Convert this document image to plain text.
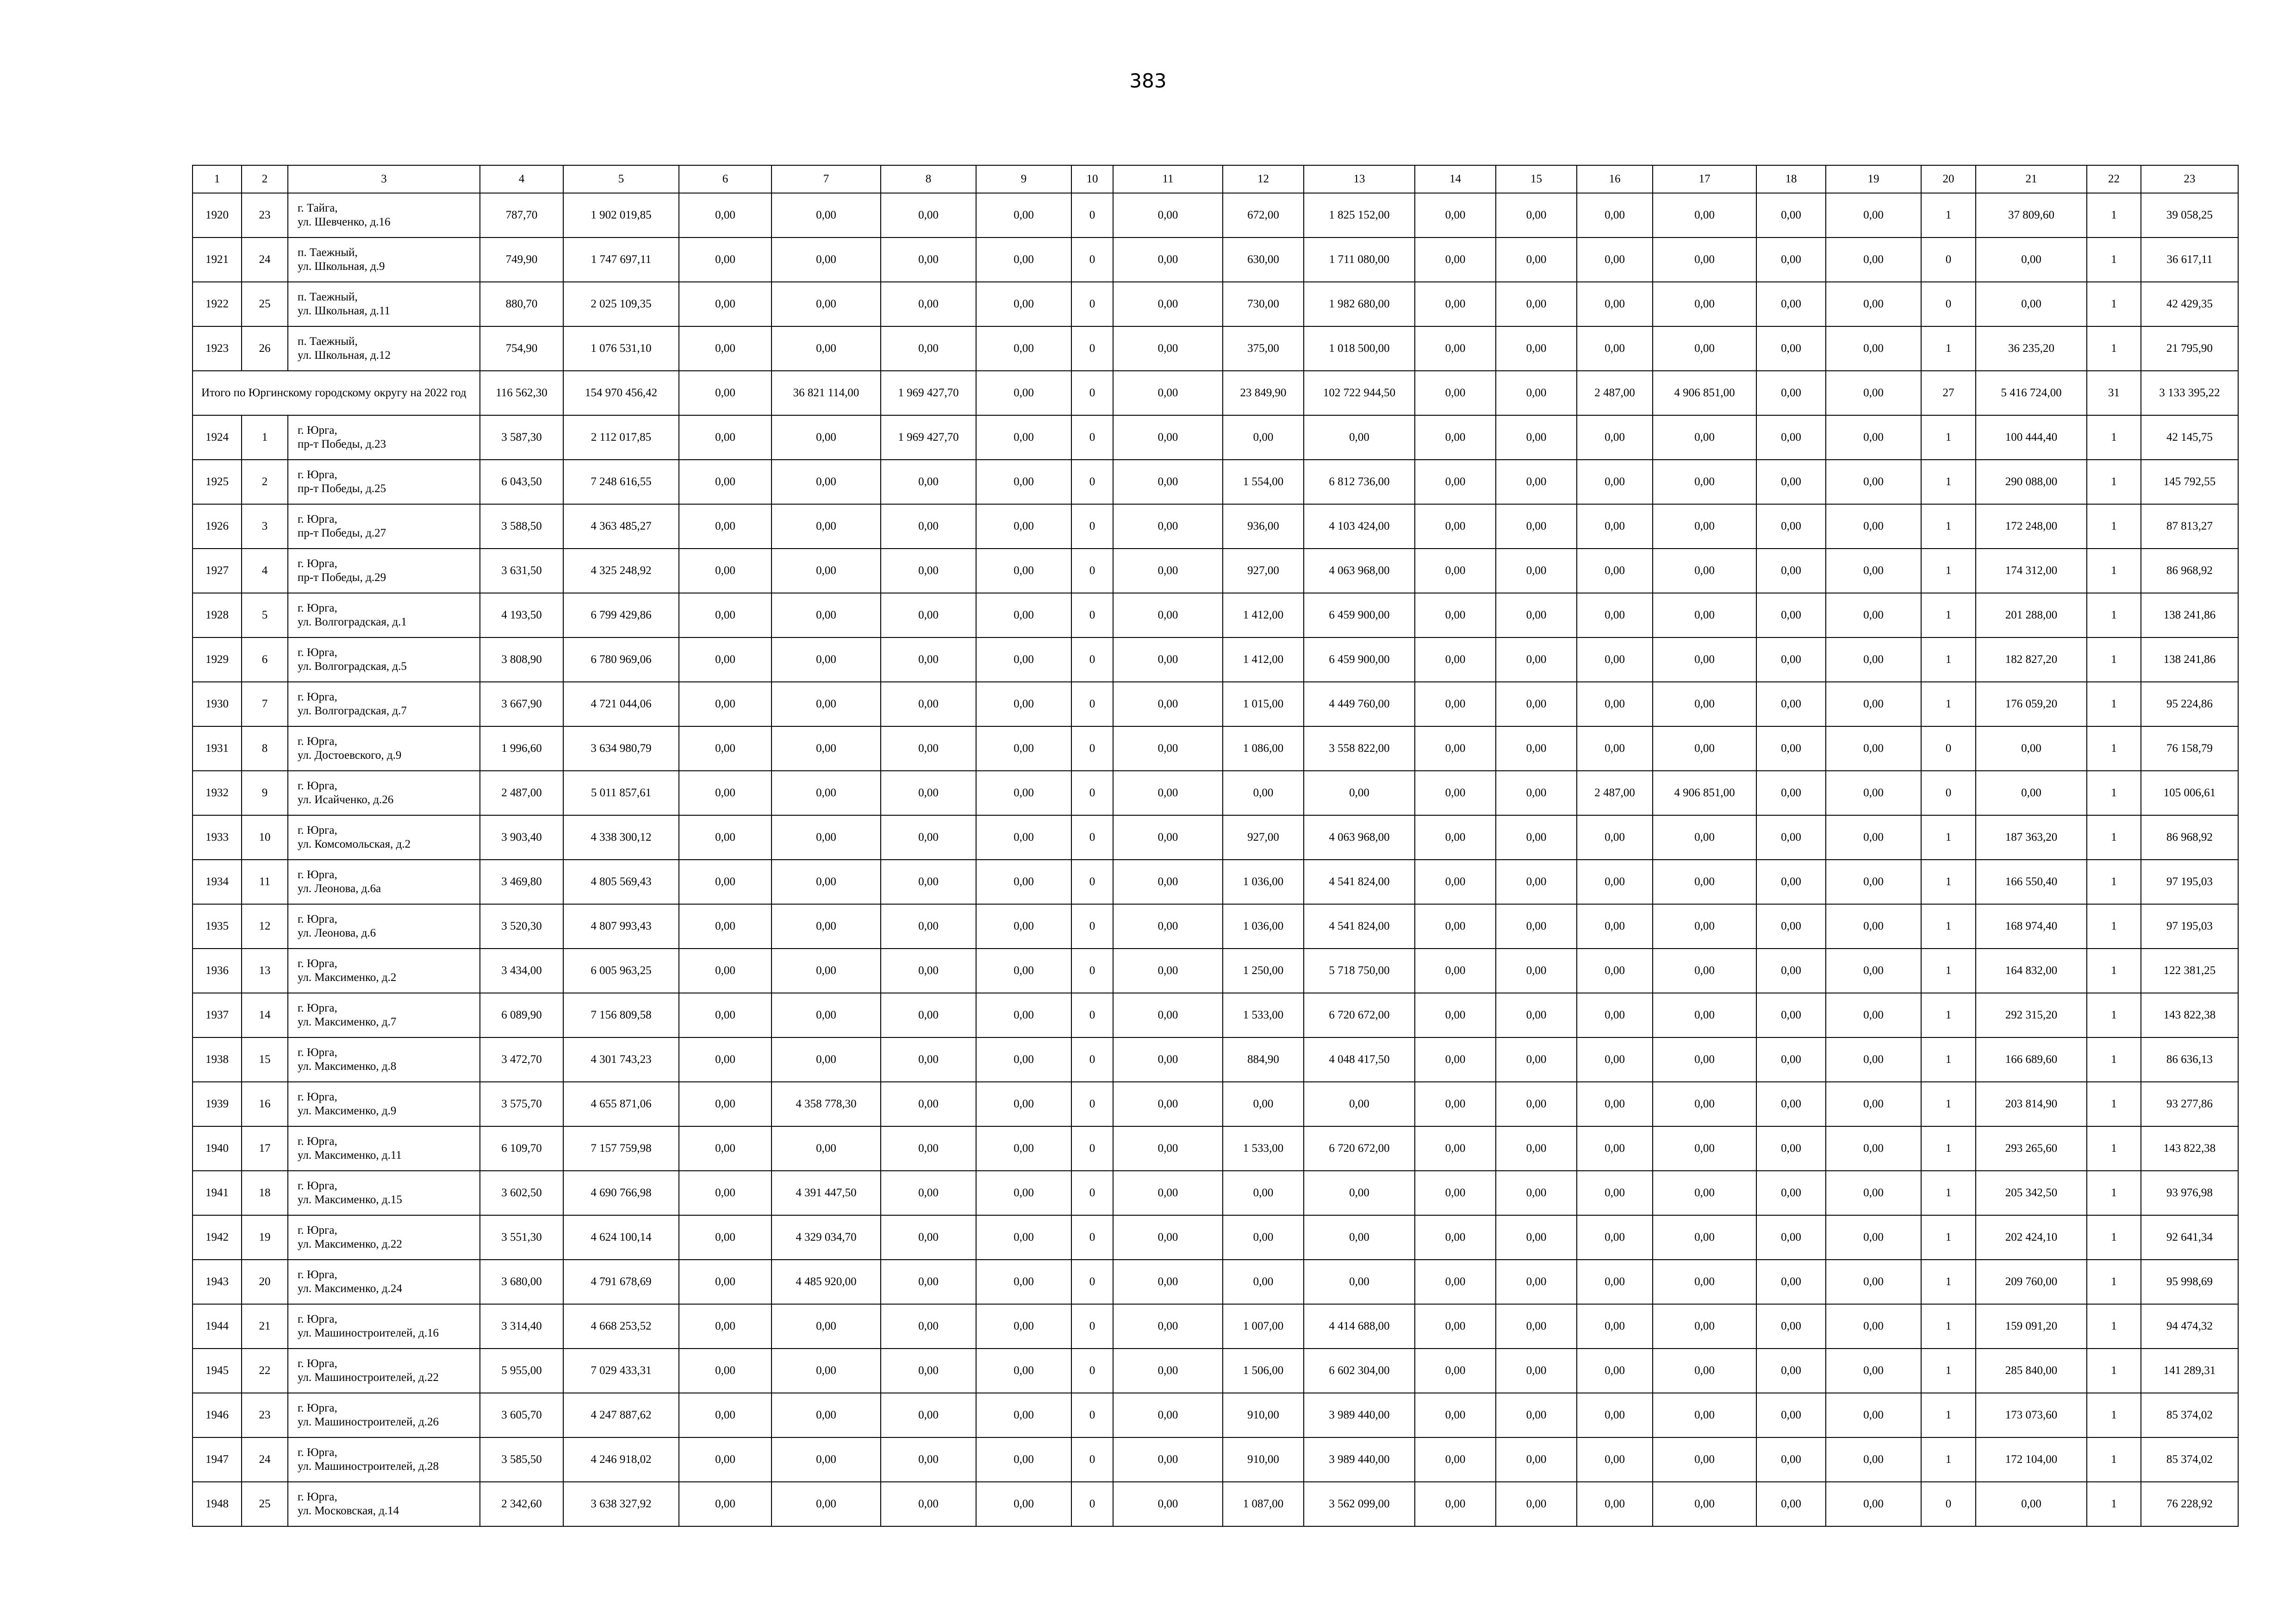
383
1	2	3	4	5	6	7	8	9	10	11	12	13	14	15	16	17	18	19	20	21	22	23
1920	23	г. Тайга,
ул. Шевченко, д.16	787,70	1 902 019,85	0,00	0,00	0,00	0,00	0	0,00	672,00	1 825 152,00	0,00	0,00	0,00	0,00	0,00	0,00	1	37 809,60	1	39 058,25
1921	24	п. Таежный,
ул. Школьная, д.9	749,90	1 747 697,11	0,00	0,00	0,00	0,00	0	0,00	630,00	1 711 080,00	0,00	0,00	0,00	0,00	0,00	0,00	0	0,00	1	36 617,11
1922	25	п. Таежный,
ул. Школьная, д.11	880,70	2 025 109,35	0,00	0,00	0,00	0,00	0	0,00	730,00	1 982 680,00	0,00	0,00	0,00	0,00	0,00	0,00	0	0,00	1	42 429,35
1923	26	п. Таежный,
ул. Школьная, д.12	754,90	1 076 531,10	0,00	0,00	0,00	0,00	0	0,00	375,00	1 018 500,00	0,00	0,00	0,00	0,00	0,00	0,00	1	36 235,20	1	21 795,90
Итого по Юргинскому городскому округу на 2022 год			116 562,30	154 970 456,42	0,00	36 821 114,00	1 969 427,70	0,00	0	0,00	23 849,90	102 722 944,50	0,00	0,00	2 487,00	4 906 851,00	0,00	0,00	27	5 416 724,00	31	3 133 395,22
1924	1	г. Юрга,
пр-т Победы, д.23	3 587,30	2 112 017,85	0,00	0,00	1 969 427,70	0,00	0	0,00	0,00	0,00	0,00	0,00	0,00	0,00	0,00	0,00	1	100 444,40	1	42 145,75
1925	2	г. Юрга,
пр-т Победы, д.25	6 043,50	7 248 616,55	0,00	0,00	0,00	0,00	0	0,00	1 554,00	6 812 736,00	0,00	0,00	0,00	0,00	0,00	0,00	1	290 088,00	1	145 792,55
1926	3	г. Юрга,
пр-т Победы, д.27	3 588,50	4 363 485,27	0,00	0,00	0,00	0,00	0	0,00	936,00	4 103 424,00	0,00	0,00	0,00	0,00	0,00	0,00	1	172 248,00	1	87 813,27
1927	4	г. Юрга,
пр-т Победы, д.29	3 631,50	4 325 248,92	0,00	0,00	0,00	0,00	0	0,00	927,00	4 063 968,00	0,00	0,00	0,00	0,00	0,00	0,00	1	174 312,00	1	86 968,92
1928	5	г. Юрга,
ул. Волгоградская, д.1	4 193,50	6 799 429,86	0,00	0,00	0,00	0,00	0	0,00	1 412,00	6 459 900,00	0,00	0,00	0,00	0,00	0,00	0,00	1	201 288,00	1	138 241,86
1929	6	г. Юрга,
ул. Волгоградская, д.5	3 808,90	6 780 969,06	0,00	0,00	0,00	0,00	0	0,00	1 412,00	6 459 900,00	0,00	0,00	0,00	0,00	0,00	0,00	1	182 827,20	1	138 241,86
1930	7	г. Юрга,
ул. Волгоградская, д.7	3 667,90	4 721 044,06	0,00	0,00	0,00	0,00	0	0,00	1 015,00	4 449 760,00	0,00	0,00	0,00	0,00	0,00	0,00	1	176 059,20	1	95 224,86
1931	8	г. Юрга,
ул. Достоевского, д.9	1 996,60	3 634 980,79	0,00	0,00	0,00	0,00	0	0,00	1 086,00	3 558 822,00	0,00	0,00	0,00	0,00	0,00	0,00	0	0,00	1	76 158,79
1932	9	г. Юрга,
ул. Исайченко, д.26	2 487,00	5 011 857,61	0,00	0,00	0,00	0,00	0	0,00	0,00	0,00	0,00	0,00	2 487,00	4 906 851,00	0,00	0,00	0	0,00	1	105 006,61
1933	10	г. Юрга,
ул. Комсомольская, д.2	3 903,40	4 338 300,12	0,00	0,00	0,00	0,00	0	0,00	927,00	4 063 968,00	0,00	0,00	0,00	0,00	0,00	0,00	1	187 363,20	1	86 968,92
1934	11	г. Юрга,
ул. Леонова, д.6а	3 469,80	4 805 569,43	0,00	0,00	0,00	0,00	0	0,00	1 036,00	4 541 824,00	0,00	0,00	0,00	0,00	0,00	0,00	1	166 550,40	1	97 195,03
1935	12	г. Юрга,
ул. Леонова, д.6	3 520,30	4 807 993,43	0,00	0,00	0,00	0,00	0	0,00	1 036,00	4 541 824,00	0,00	0,00	0,00	0,00	0,00	0,00	1	168 974,40	1	97 195,03
1936	13	г. Юрга,
ул. Максименко, д.2	3 434,00	6 005 963,25	0,00	0,00	0,00	0,00	0	0,00	1 250,00	5 718 750,00	0,00	0,00	0,00	0,00	0,00	0,00	1	164 832,00	1	122 381,25
1937	14	г. Юрга,
ул. Максименко, д.7	6 089,90	7 156 809,58	0,00	0,00	0,00	0,00	0	0,00	1 533,00	6 720 672,00	0,00	0,00	0,00	0,00	0,00	0,00	1	292 315,20	1	143 822,38
1938	15	г. Юрга,
ул. Максименко, д.8	3 472,70	4 301 743,23	0,00	0,00	0,00	0,00	0	0,00	884,90	4 048 417,50	0,00	0,00	0,00	0,00	0,00	0,00	1	166 689,60	1	86 636,13
1939	16	г. Юрга,
ул. Максименко, д.9	3 575,70	4 655 871,06	0,00	4 358 778,30	0,00	0,00	0	0,00	0,00	0,00	0,00	0,00	0,00	0,00	0,00	0,00	1	203 814,90	1	93 277,86
1940	17	г. Юрга,
ул. Максименко, д.11	6 109,70	7 157 759,98	0,00	0,00	0,00	0,00	0	0,00	1 533,00	6 720 672,00	0,00	0,00	0,00	0,00	0,00	0,00	1	293 265,60	1	143 822,38
1941	18	г. Юрга,
ул. Максименко, д.15	3 602,50	4 690 766,98	0,00	4 391 447,50	0,00	0,00	0	0,00	0,00	0,00	0,00	0,00	0,00	0,00	0,00	0,00	1	205 342,50	1	93 976,98
1942	19	г. Юрга,
ул. Максименко, д.22	3 551,30	4 624 100,14	0,00	4 329 034,70	0,00	0,00	0	0,00	0,00	0,00	0,00	0,00	0,00	0,00	0,00	0,00	1	202 424,10	1	92 641,34
1943	20	г. Юрга,
ул. Максименко, д.24	3 680,00	4 791 678,69	0,00	4 485 920,00	0,00	0,00	0	0,00	0,00	0,00	0,00	0,00	0,00	0,00	0,00	0,00	1	209 760,00	1	95 998,69
1944	21	г. Юрга,
ул. Машиностроителей, д.16	3 314,40	4 668 253,52	0,00	0,00	0,00	0,00	0	0,00	1 007,00	4 414 688,00	0,00	0,00	0,00	0,00	0,00	0,00	1	159 091,20	1	94 474,32
1945	22	г. Юрга,
ул. Машиностроителей, д.22	5 955,00	7 029 433,31	0,00	0,00	0,00	0,00	0	0,00	1 506,00	6 602 304,00	0,00	0,00	0,00	0,00	0,00	0,00	1	285 840,00	1	141 289,31
1946	23	г. Юрга,
ул. Машиностроителей, д.26	3 605,70	4 247 887,62	0,00	0,00	0,00	0,00	0	0,00	910,00	3 989 440,00	0,00	0,00	0,00	0,00	0,00	0,00	1	173 073,60	1	85 374,02
1947	24	г. Юрга,
ул. Машиностроителей, д.28	3 585,50	4 246 918,02	0,00	0,00	0,00	0,00	0	0,00	910,00	3 989 440,00	0,00	0,00	0,00	0,00	0,00	0,00	1	172 104,00	1	85 374,02
1948	25	г. Юрга,
ул. Московская, д.14	2 342,60	3 638 327,92	0,00	0,00	0,00	0,00	0	0,00	1 087,00	3 562 099,00	0,00	0,00	0,00	0,00	0,00	0,00	0	0,00	1	76 228,92
